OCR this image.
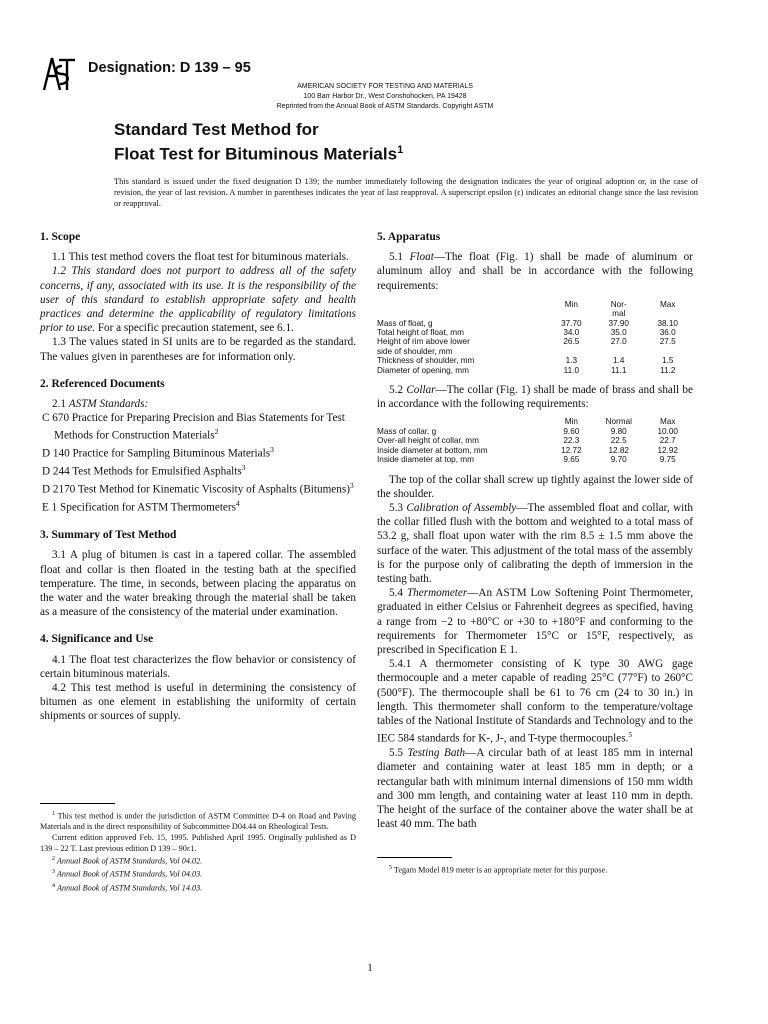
Designation: D 139 – 95
AMERICAN SOCIETY FOR TESTING AND MATERIALS
100 Barr Harbor Dr., West Conshohocken, PA 19428
Reprinted from the Annual Book of ASTM Standards. Copyright ASTM
Standard Test Method for
Float Test for Bituminous Materials$^1$
This standard is issued under the fixed designation D 139; the number immediately following the designation indicates the year of original adoption or, in the case of revision, the year of last revision. A number in parentheses indicates the year of last reapproval. A superscript epsilon (ϵ) indicates an editorial change since the last revision or reapproval.
1. Scope

1.1 This test method covers the float test for bituminous materials.

1.2 This standard does not purport to address all of the safety concerns, if any, associated with its use. It is the responsibility of the user of this standard to establish appropriate safety and health practices and determine the applicability of regulatory limitations prior to use. For a specific precaution statement, see 6.1.

1.3 The values stated in SI units are to be regarded as the standard. The values given in parentheses are for information only.

2. Referenced Documents

2.1 ASTM Standards:

C 670 Practice for Preparing Precision and Bias Statements for Test Methods for Construction Materials$^2$

D 140 Practice for Sampling Bituminous Materials$^3$

D 244 Test Methods for Emulsified Asphalts$^3$

D 2170 Test Method for Kinematic Viscosity of Asphalts (Bitumens)$^3$

E 1 Specification for ASTM Thermometers$^4$

3. Summary of Test Method

3.1 A plug of bitumen is cast in a tapered collar. The assembled float and collar is then floated in the testing bath at the specified temperature. The time, in seconds, between placing the apparatus on the water and the water breaking through the material shall be taken as a measure of the consistency of the material under examination.

4. Significance and Use

4.1 The float test characterizes the flow behavior or consistency of certain bituminous materials.

4.2 This test method is useful in determining the consistency of bitumen as one element in establishing the uniformity of certain shipments or sources of supply.

$^1$ This test method is under the jurisdiction of ASTM Committee D-4 on Road and Paving Materials and is the direct responsibility of Subcommittee D04.44 on Rheological Tests.

Current edition approved Feb. 15, 1995. Published April 1995. Originally published as D 139 – 22 T. Last previous edition D 139 – 90ε1.

$^2$ Annual Book of ASTM Standards, Vol 04.02.

$^3$ Annual Book of ASTM Standards, Vol 04.03.

$^4$ Annual Book of ASTM Standards, Vol 14.03.

5. Apparatus

5.1 Float—The float (Fig. 1) shall be made of aluminum or aluminum alloy and shall be in accordance with the following requirements:

	Min	Nor-
mal	Max
Mass of float, g	37.70	37.90	38.10
Total height of float, mm	34.0	35.0	36.0
Height of rim above lower
side of shoulder, mm	26.5	27.0	27.5
Thickness of shoulder, mm	1.3	1.4	1.5
Diameter of opening, mm	11.0	11.1	11.2

5.2 Collar—The collar (Fig. 1) shall be made of brass and shall be in accordance with the following requirements:

	Min	Normal	Max
Mass of collar, g	9.60	9.80	10.00
Over-all height of collar, mm	22.3	22.5	22.7
Inside diameter at bottom, mm	12.72	12.82	12.92
Inside diameter at top, mm	9.65	9.70	9.75

The top of the collar shall screw up tightly against the lower side of the shoulder.

5.3 Calibration of Assembly—The assembled float and collar, with the collar filled flush with the bottom and weighted to a total mass of 53.2 g, shall float upon water with the rim 8.5 ± 1.5 mm above the surface of the water. This adjustment of the total mass of the assembly is for the purpose only of calibrating the depth of immersion in the testing bath.

5.4 Thermometer—An ASTM Low Softening Point Thermometer, graduated in either Celsius or Fahrenheit degrees as specified, having a range from −2 to +80°C or +30 to +180°F and conforming to the requirements for Thermometer 15°C or 15°F, respectively, as prescribed in Specification E 1.

5.4.1 A thermometer consisting of K type 30 AWG gage thermocouple and a meter capable of reading 25°C (77°F) to 260°C (500°F). The thermocouple shall be 61 to 76 cm (24 to 30 in.) in length. This thermometer shall conform to the temperature/voltage tables of the National Institute of Standards and Technology and to the IEC 584 standards for K-, J-, and T-type thermocouples.$^5$

5.5 Testing Bath—A circular bath of at least 185 mm in internal diameter and containing water at least 185 mm in depth; or a rectangular bath with minimum internal dimensions of 150 mm width and 300 mm length, and containing water at least 110 mm in depth. The height of the surface of the container above the water shall be at least 40 mm. The bath

$^5$ Tegam Model 819 meter is an appropriate meter for this purpose.

1
